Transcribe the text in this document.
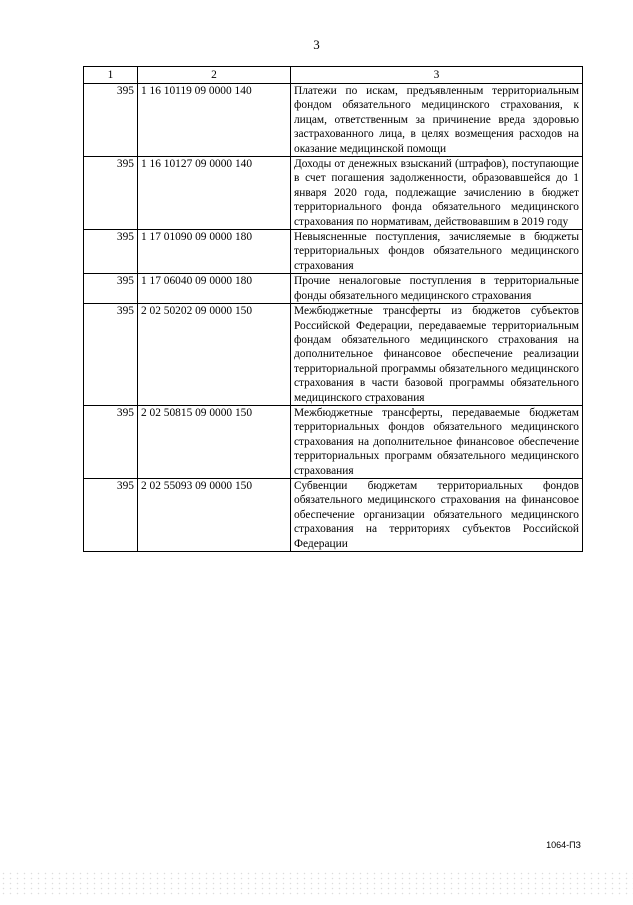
3
1	2	3
395	1 16 10119 09 0000 140	Платежи по искам, предъявленным территориальным фондом обязательного медицинского страхования, к лицам, ответственным за причинение вреда здоровью застрахованного лица, в целях возмещения расходов на оказание медицинской помощи
395	1 16 10127 09 0000 140	Доходы от денежных взысканий (штрафов), поступающие в счет погашения задолженности, образовавшейся до 1 января 2020 года, подлежащие зачислению в бюджет территориального фонда обязательного медицинского страхования по нормативам, действовавшим в 2019 году
395	1 17 01090 09 0000 180	Невыясненные поступления, зачисляемые в бюджеты территориальных фондов обязательного медицинского страхования
395	1 17 06040 09 0000 180	Прочие неналоговые поступления в территориальные фонды обязательного медицинского страхования
395	2 02 50202 09 0000 150	Межбюджетные трансферты из бюджетов субъектов Российской Федерации, передаваемые территориальным фондам обязательного медицинского страхования на дополнительное финансовое обеспечение реализации территориальной программы обязательного медицинского страхования в части базовой программы обязательного медицинского страхования
395	2 02 50815 09 0000 150	Межбюджетные трансферты, передаваемые бюджетам территориальных фондов обязательного медицинского страхования на дополнительное финансовое обеспечение территориальных программ обязательного медицинского страхования
395	2 02 55093 09 0000 150	Субвенции бюджетам территориальных фондов обязательного медицинского страхования на финансовое обеспечение организации обязательного медицинского страхования на территориях субъектов Российской Федерации
1064-ПЗ
